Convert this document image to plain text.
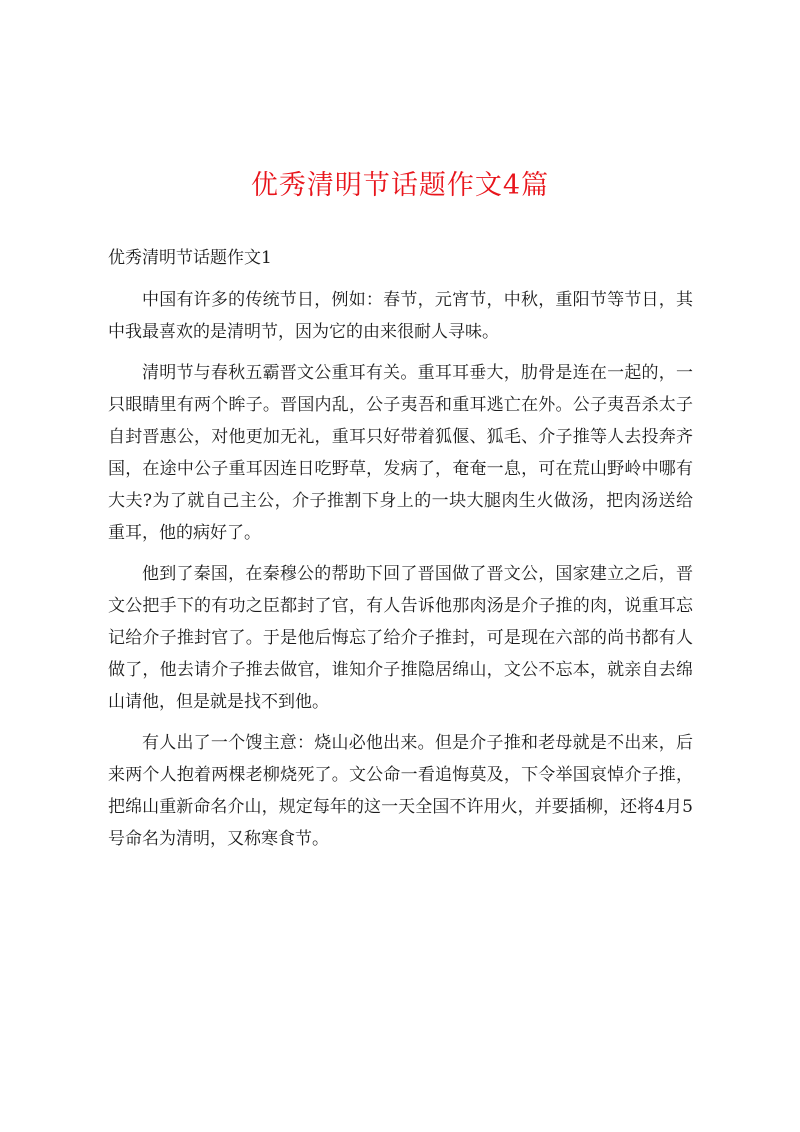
优秀清明节话题作文4篇
优秀清明节话题作文1

中国有许多的传统节日，例如：春节，元宵节，中秋，重阳节等节日，其中我最喜欢的是清明节，因为它的由来很耐人寻味。

清明节与春秋五霸晋文公重耳有关。重耳耳垂大，肋骨是连在一起的，一只眼睛里有两个眸子。晋国内乱，公子夷吾和重耳逃亡在外。公子夷吾杀太子自封晋惠公，对他更加无礼，重耳只好带着狐偃、狐毛、介子推等人去投奔齐国，在途中公子重耳因连日吃野草，发病了，奄奄一息，可在荒山野岭中哪有大夫?为了就自己主公，介子推割下身上的一块大腿肉生火做汤，把肉汤送给重耳，他的病好了。

他到了秦国，在秦穆公的帮助下回了晋国做了晋文公，国家建立之后，晋文公把手下的有功之臣都封了官，有人告诉他那肉汤是介子推的肉，说重耳忘记给介子推封官了。于是他后悔忘了给介子推封，可是现在六部的尚书都有人做了，他去请介子推去做官，谁知介子推隐居绵山，文公不忘本，就亲自去绵山请他，但是就是找不到他。

有人出了一个馊主意：烧山必他出来。但是介子推和老母就是不出来，后来两个人抱着两棵老柳烧死了。文公命一看追悔莫及，下令举国哀悼介子推，把绵山重新命名介山，规定每年的这一天全国不许用火，并要插柳，还将4月5号命名为清明，又称寒食节。
